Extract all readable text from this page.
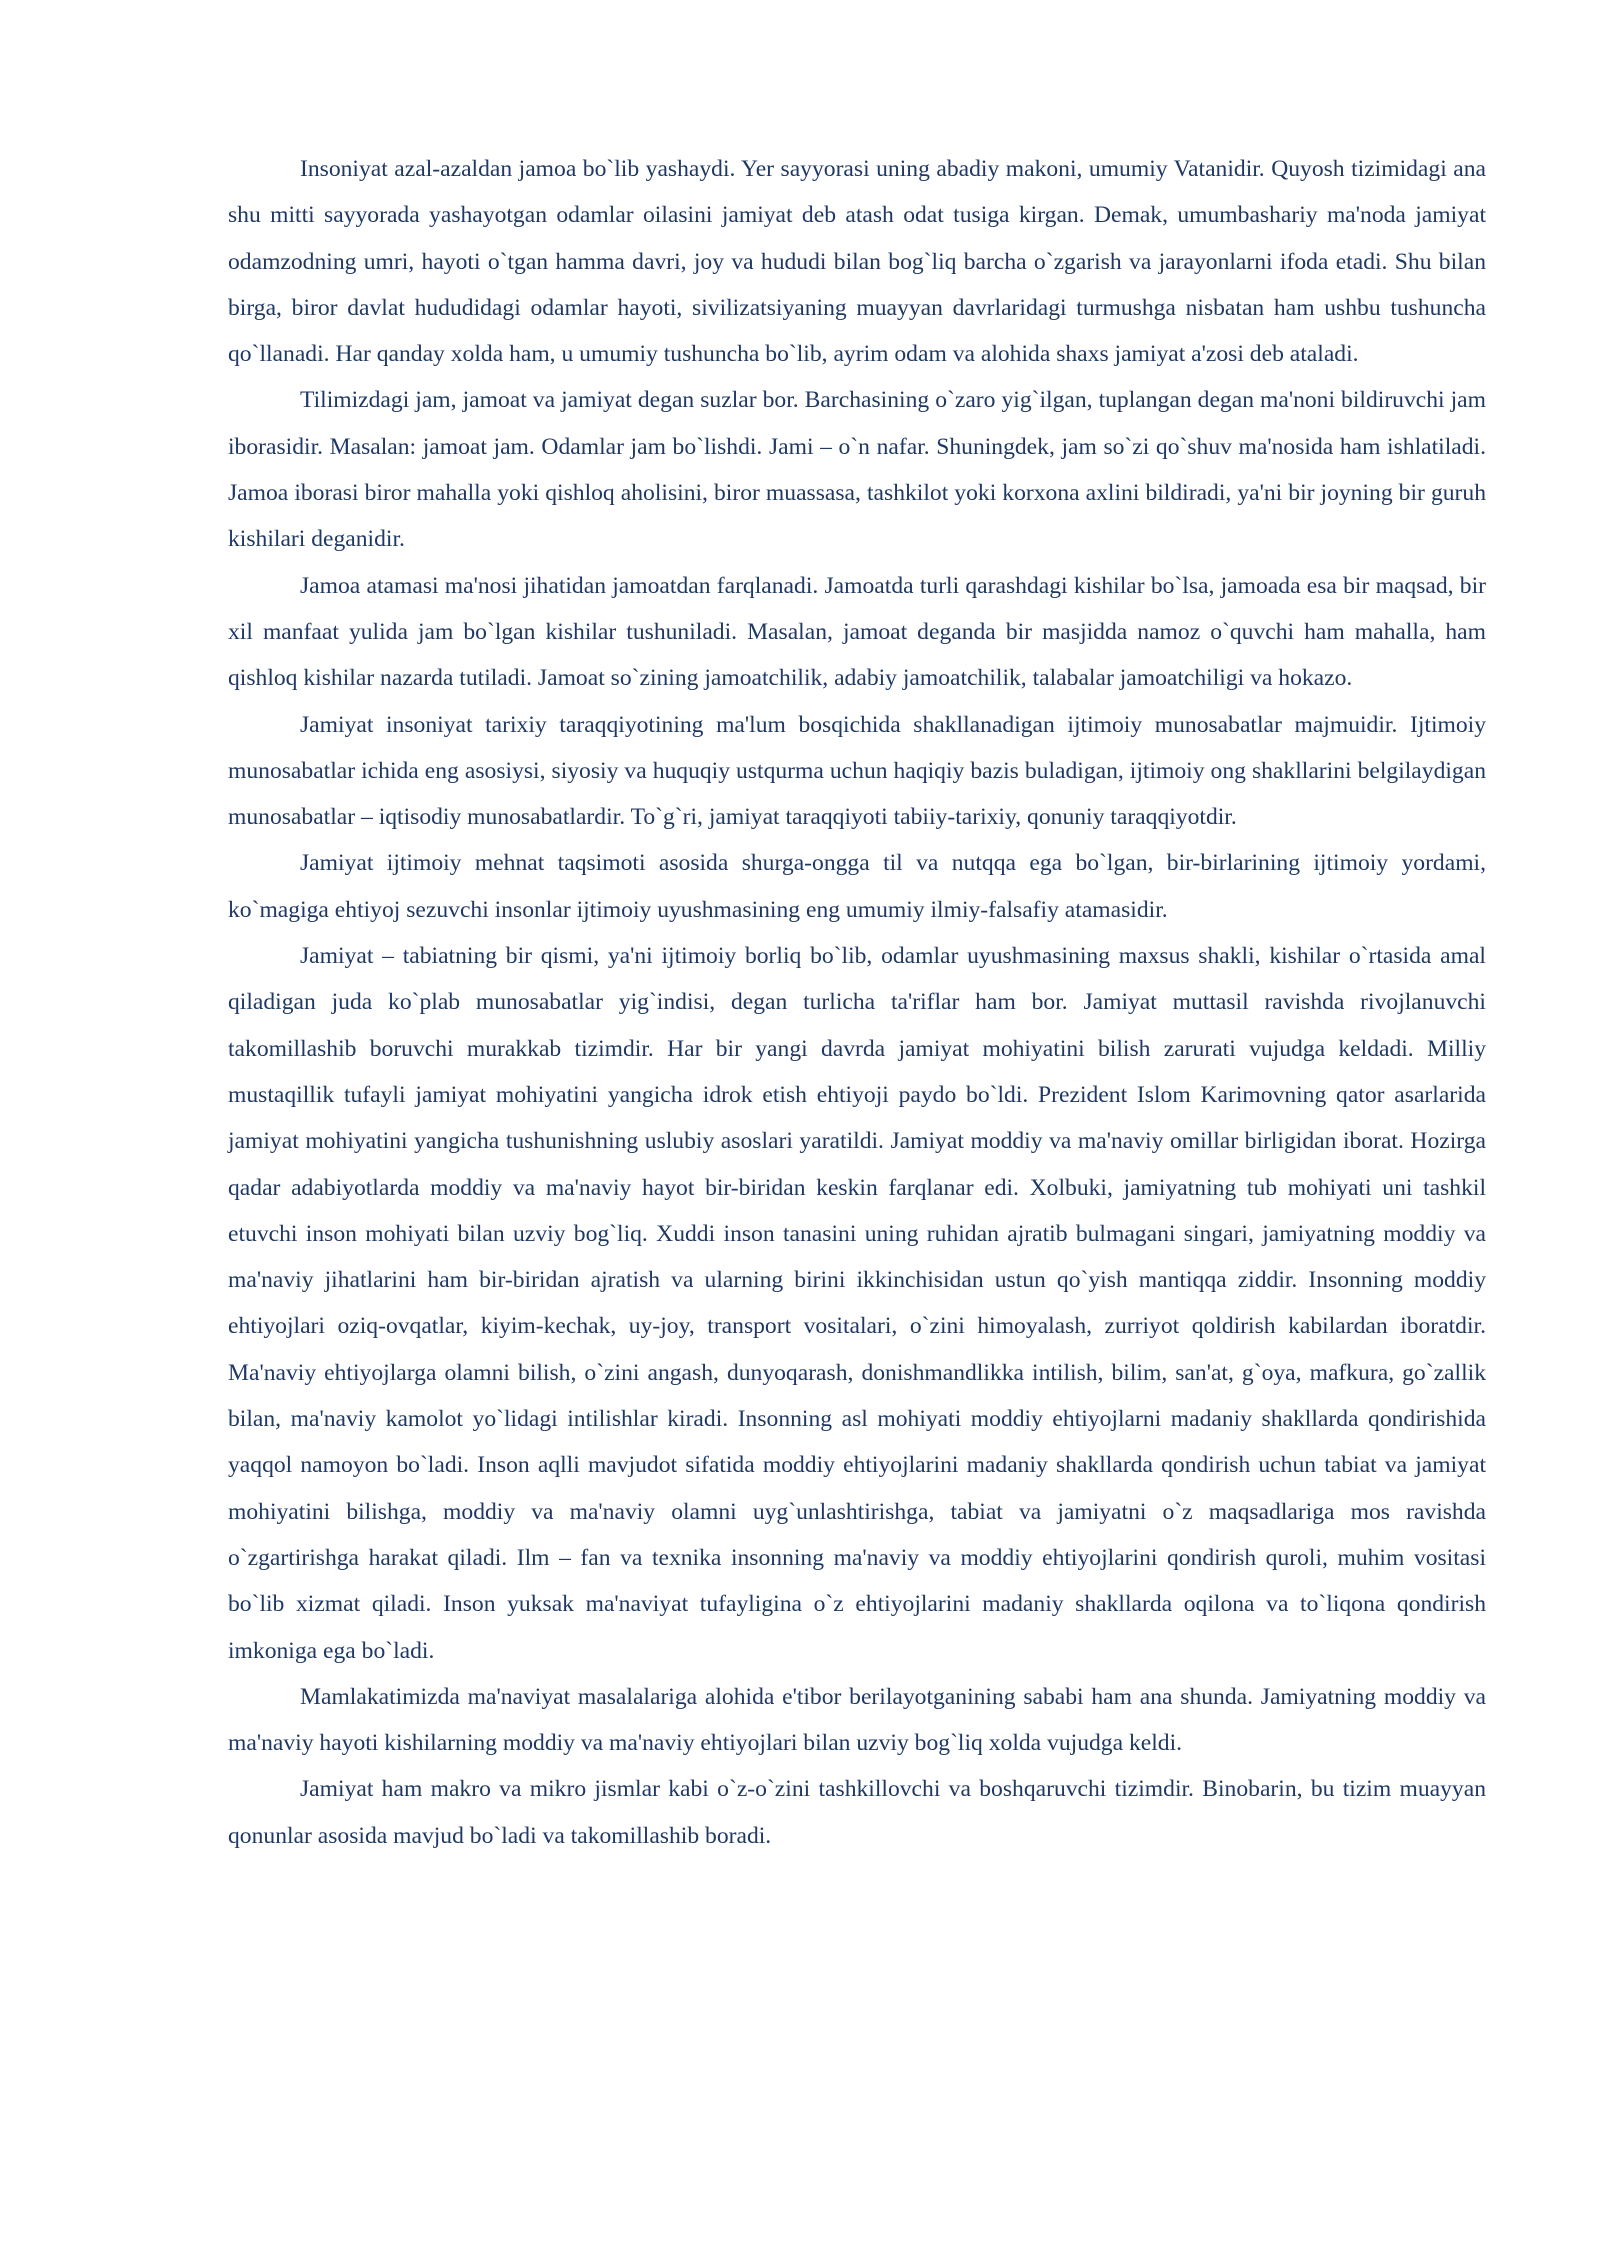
Insoniyat azal-azaldan jamoa bo`lib yashaydi. Yer sayyorasi uning abadiy makoni, umumiy Vatanidir. Quyosh tizimidagi ana shu mitti sayyorada yashayotgan odamlar oilasini jamiyat deb atash odat tusiga kirgan. Demak, umumbashariy ma'noda jamiyat odamzodning umri, hayoti o`tgan hamma davri, joy va hududi bilan bog`liq barcha o`zgarish va jarayonlarni ifoda etadi. Shu bilan birga, biror davlat hududidagi odamlar hayoti, sivilizatsiyaning muayyan davrlaridagi turmushga nisbatan ham ushbu tushuncha qo`llanadi. Har qanday xolda ham, u umumiy tushuncha bo`lib, ayrim odam va alohida shaxs jamiyat a'zosi deb ataladi.

Tilimizdagi jam, jamoat va jamiyat degan suzlar bor. Barchasining o`zaro yig`ilgan, tuplangan degan ma'noni bildiruvchi jam iborasidir. Masalan: jamoat jam. Odamlar jam bo`lishdi. Jami – o`n nafar. Shuningdek, jam so`zi qo`shuv ma'nosida ham ishlatiladi. Jamoa iborasi biror mahalla yoki qishloq aholisini, biror muassasa, tashkilot yoki korxona axlini bildiradi, ya'ni bir joyning bir guruh kishilari deganidir.

Jamoa atamasi ma'nosi jihatidan jamoatdan farqlanadi. Jamoatda turli qarashdagi kishilar bo`lsa, jamoada esa bir maqsad, bir xil manfaat yulida jam bo`lgan kishilar tushuniladi. Masalan, jamoat deganda bir masjidda namoz o`quvchi ham mahalla, ham qishloq kishilar nazarda tutiladi. Jamoat so`zining jamoatchilik, adabiy jamoatchilik, talabalar jamoatchiligi va hokazo.

Jamiyat insoniyat tarixiy taraqqiyotining ma'lum bosqichida shakllanadigan ijtimoiy munosabatlar majmuidir. Ijtimoiy munosabatlar ichida eng asosiysi, siyosiy va huquqiy ustqurma uchun haqiqiy bazis buladigan, ijtimoiy ong shakllarini belgilaydigan munosabatlar – iqtisodiy munosabatlardir. To`g`ri, jamiyat taraqqiyoti tabiiy-tarixiy, qonuniy taraqqiyotdir.

Jamiyat ijtimoiy mehnat taqsimoti asosida shurga-ongga til va nutqqa ega bo`lgan, bir-birlarining ijtimoiy yordami, ko`magiga ehtiyoj sezuvchi insonlar ijtimoiy uyushmasining eng umumiy ilmiy-falsafiy atamasidir.

Jamiyat – tabiatning bir qismi, ya'ni ijtimoiy borliq bo`lib, odamlar uyushmasining maxsus shakli, kishilar o`rtasida amal qiladigan juda ko`plab munosabatlar yig`indisi, degan turlicha ta'riflar ham bor. Jamiyat muttasil ravishda rivojlanuvchi takomillashib boruvchi murakkab tizimdir. Har bir yangi davrda jamiyat mohiyatini bilish zarurati vujudga keldadi. Milliy mustaqillik tufayli jamiyat mohiyatini yangicha idrok etish ehtiyoji paydo bo`ldi. Prezident Islom Karimovning qator asarlarida jamiyat mohiyatini yangicha tushunishning uslubiy asoslari yaratildi. Jamiyat moddiy va ma'naviy omillar birligidan iborat. Hozirga qadar adabiyotlarda moddiy va ma'naviy hayot bir-biridan keskin farqlanar edi. Xolbuki, jamiyatning tub mohiyati uni tashkil etuvchi inson mohiyati bilan uzviy bog`liq. Xuddi inson tanasini uning ruhidan ajratib bulmagani singari, jamiyatning moddiy va ma'naviy jihatlarini ham bir-biridan ajratish va ularning birini ikkinchisidan ustun qo`yish mantiqqa ziddir. Insonning moddiy ehtiyojlari oziq-ovqatlar, kiyim-kechak, uy-joy, transport vositalari, o`zini himoyalash, zurriyot qoldirish kabilardan iboratdir. Ma'naviy ehtiyojlarga olamni bilish, o`zini angash, dunyoqarash, donishmandlikka intilish, bilim, san'at, g`oya, mafkura, go`zallik bilan, ma'naviy kamolot yo`lidagi intilishlar kiradi. Insonning asl mohiyati moddiy ehtiyojlarni madaniy shakllarda qondirishida yaqqol namoyon bo`ladi. Inson aqlli mavjudot sifatida moddiy ehtiyojlarini madaniy shakllarda qondirish uchun tabiat va jamiyat mohiyatini bilishga, moddiy va ma'naviy olamni uyg`unlashtirishga, tabiat va jamiyatni o`z maqsadlariga mos ravishda o`zgartirishga harakat qiladi. Ilm – fan va texnika insonning ma'naviy va moddiy ehtiyojlarini qondirish quroli, muhim vositasi bo`lib xizmat qiladi. Inson yuksak ma'naviyat tufayligina o`z ehtiyojlarini madaniy shakllarda oqilona va to`liqona qondirish imkoniga ega bo`ladi.

Mamlakatimizda ma'naviyat masalalariga alohida e'tibor berilayotganining sababi ham ana shunda. Jamiyatning moddiy va ma'naviy hayoti kishilarning moddiy va ma'naviy ehtiyojlari bilan uzviy bog`liq xolda vujudga keldi.

Jamiyat ham makro va mikro jismlar kabi o`z-o`zini tashkillovchi va boshqaruvchi tizimdir. Binobarin, bu tizim muayyan qonunlar asosida mavjud bo`ladi va takomillashib boradi.
